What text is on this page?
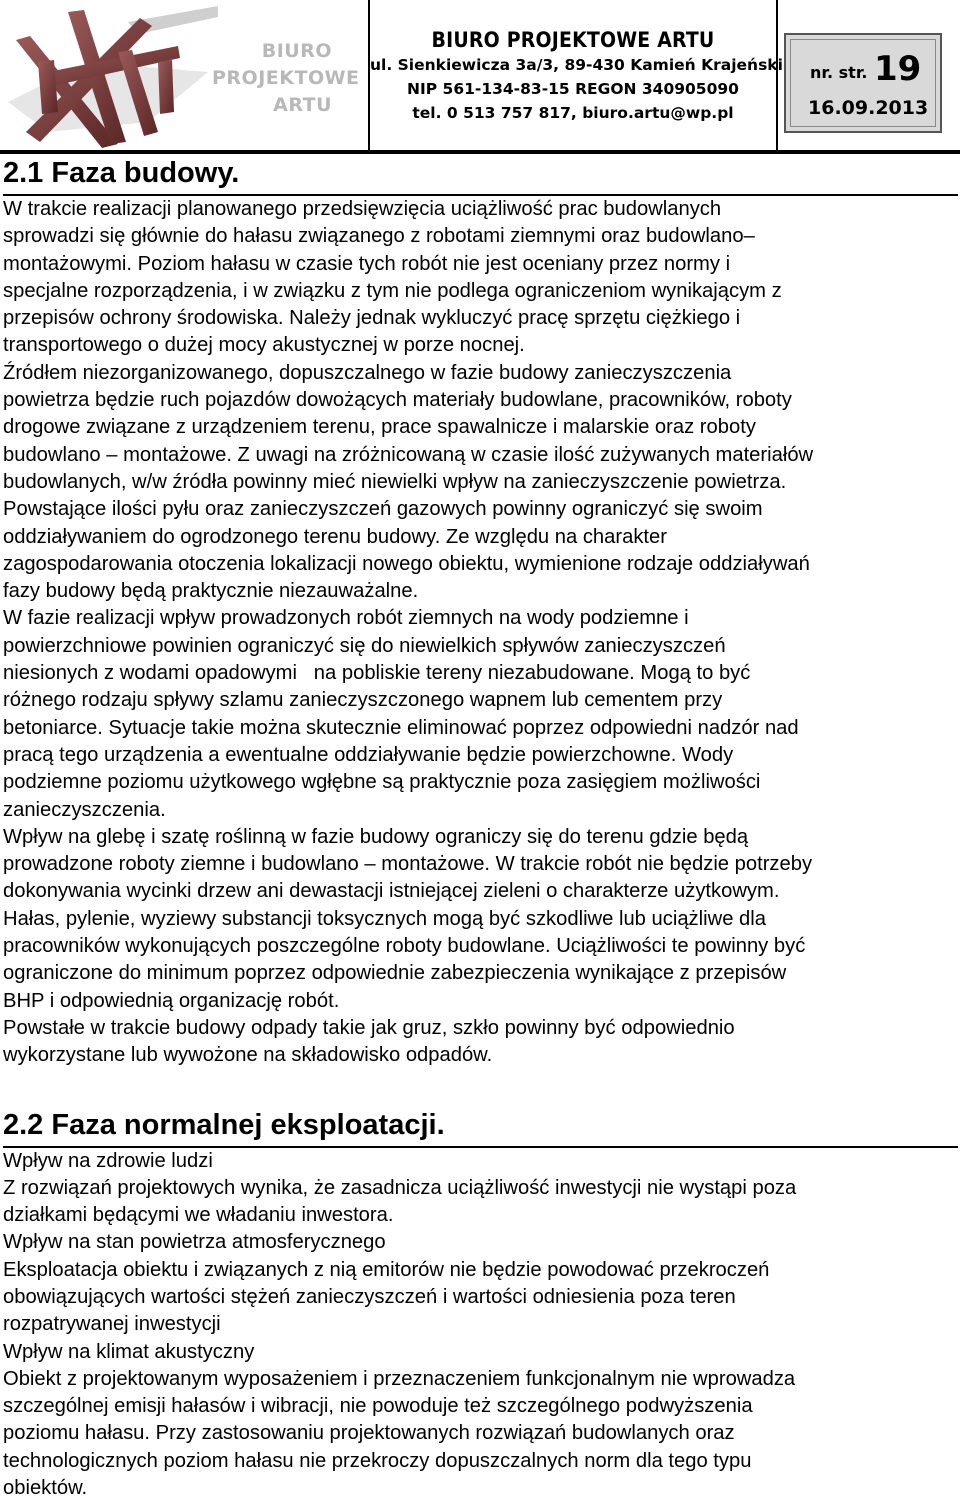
BIURO
PROJEKTOWE
ARTU
BIURO PROJEKTOWE ARTU
ul. Sienkiewicza 3a/3, 89-430 Kamień Krajeński
NIP 561-134-83-15 REGON 340905090
tel. 0 513 757 817, biuro.artu@wp.pl
nr. str. 19
16.09.2013
2.1 Faza budowy.

W trakcie realizacji planowanego przedsięwzięcia uciążliwość prac budowlanych

sprowadzi się głównie do hałasu związanego z robotami ziemnymi oraz budowlano–

montażowymi. Poziom hałasu w czasie tych robót nie jest oceniany przez normy i

specjalne rozporządzenia, i w związku z tym nie podlega ograniczeniom wynikającym z

przepisów ochrony środowiska. Należy jednak wykluczyć pracę sprzętu ciężkiego i

transportowego o dużej mocy akustycznej w porze nocnej.

Źródłem niezorganizowanego, dopuszczalnego w fazie budowy zanieczyszczenia

powietrza będzie ruch pojazdów dowożących materiały budowlane, pracowników, roboty

drogowe związane z urządzeniem terenu, prace spawalnicze i malarskie oraz roboty

budowlano – montażowe. Z uwagi na zróżnicowaną w czasie ilość zużywanych materiałów

budowlanych, w/w źródła powinny mieć niewielki wpływ na zanieczyszczenie powietrza.

Powstające ilości pyłu oraz zanieczyszczeń gazowych powinny ograniczyć się swoim

oddziaływaniem do ogrodzonego terenu budowy. Ze względu na charakter

zagospodarowania otoczenia lokalizacji nowego obiektu, wymienione rodzaje oddziaływań

fazy budowy będą praktycznie niezauważalne.

W fazie realizacji wpływ prowadzonych robót ziemnych na wody podziemne i

powierzchniowe powinien ograniczyć się do niewielkich spływów zanieczyszczeń

niesionych z wodami opadowymi   na pobliskie tereny niezabudowane. Mogą to być

różnego rodzaju spływy szlamu zanieczyszczonego wapnem lub cementem przy

betoniarce. Sytuacje takie można skutecznie eliminować poprzez odpowiedni nadzór nad

pracą tego urządzenia a ewentualne oddziaływanie będzie powierzchowne. Wody

podziemne poziomu użytkowego wgłębne są praktycznie poza zasięgiem możliwości

zanieczyszczenia.

Wpływ na glebę i szatę roślinną w fazie budowy ograniczy się do terenu gdzie będą

prowadzone roboty ziemne i budowlano – montażowe. W trakcie robót nie będzie potrzeby

dokonywania wycinki drzew ani dewastacji istniejącej zieleni o charakterze użytkowym.

Hałas, pylenie, wyziewy substancji toksycznych mogą być szkodliwe lub uciążliwe dla

pracowników wykonujących poszczególne roboty budowlane. Uciążliwości te powinny być

ograniczone do minimum poprzez odpowiednie zabezpieczenia wynikające z przepisów

BHP i odpowiednią organizację robót.

Powstałe w trakcie budowy odpady takie jak gruz, szkło powinny być odpowiednio

wykorzystane lub wywożone na składowisko odpadów.

2.2 Faza normalnej eksploatacji.

Wpływ na zdrowie ludzi

Z rozwiązań projektowych wynika, że zasadnicza uciążliwość inwestycji nie wystąpi poza

działkami będącymi we władaniu inwestora.

Wpływ na stan powietrza atmosferycznego

Eksploatacja obiektu i związanych z nią emitorów nie będzie powodować przekroczeń

obowiązujących wartości stężeń zanieczyszczeń i wartości odniesienia poza teren

rozpatrywanej inwestycji

Wpływ na klimat akustyczny

Obiekt z projektowanym wyposażeniem i przeznaczeniem funkcjonalnym nie wprowadza

szczególnej emisji hałasów i wibracji, nie powoduje też szczególnego podwyższenia

poziomu hałasu. Przy zastosowaniu projektowanych rozwiązań budowlanych oraz

technologicznych poziom hałasu nie przekroczy dopuszczalnych norm dla tego typu

obiektów.
